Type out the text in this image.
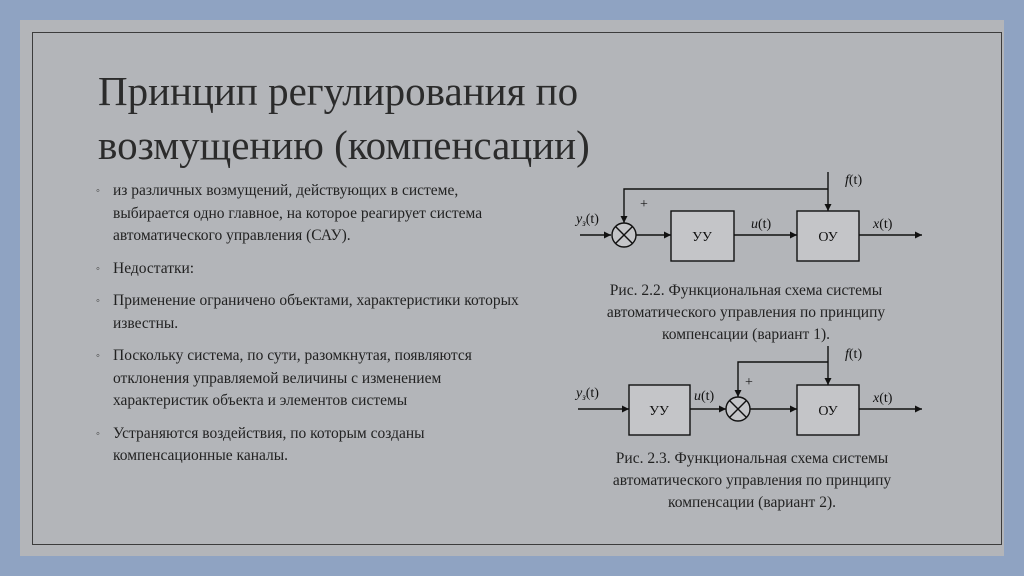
Принцип регулирования по возмущению (компенсации)
◦ из различных возмущений, действующих в системе, выбирается одно главное, на которое реагирует система автоматического управления (САУ).
◦ Недостатки:
◦ Применение ограничено объектами, характеристики которых известны.
◦ Поскольку система, по сути, разомкнутая, появляются отклонения управляемой величины с изменением характеристик объекта и элементов системы
◦ Устраняются воздействия, по которым созданы компенсационные каналы.
$y_з(t)$
+
УУ	ОУ
u(t)
f(t)
x(t)
$y_з(t)$
УУ	ОУ
u(t)
+
f(t)
x(t)
Рис. 2.2. Функциональная схема системы автоматического управления по принципу компенсации (вариант 1).
Рис. 2.3. Функциональная схема системы автоматического управления по принципу компенсации (вариант 2).
